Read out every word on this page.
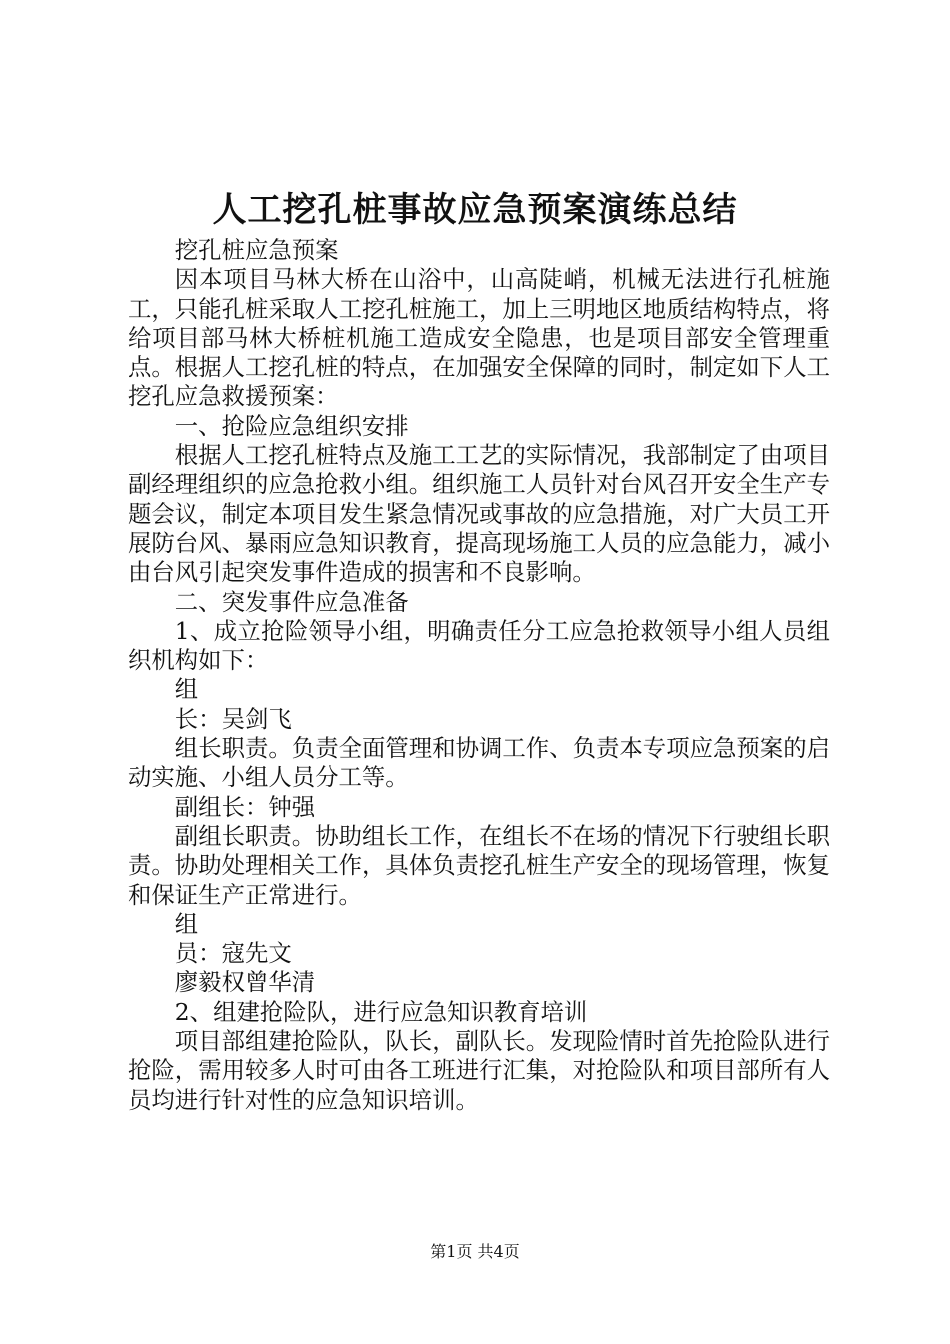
人工挖孔桩事故应急预案演练总结

挖孔桩应急预案

因本项目马林大桥在山浴中，山高陡峭，机械无法进行孔桩施工，只能孔桩采取人工挖孔桩施工，加上三明地区地质结构特点，将给项目部马林大桥桩机施工造成安全隐患，也是项目部安全管理重点。根据人工挖孔桩的特点，在加强安全保障的同时，制定如下人工挖孔应急救援预案：

一、抢险应急组织安排

根据人工挖孔桩特点及施工工艺的实际情况，我部制定了由项目副经理组织的应急抢救小组。组织施工人员针对台风召开安全生产专题会议，制定本项目发生紧急情况或事故的应急措施，对广大员工开展防台风、暴雨应急知识教育，提高现场施工人员的应急能力，减小由台风引起突发事件造成的损害和不良影响。

二、突发事件应急准备

1、成立抢险领导小组，明确责任分工应急抢救领导小组人员组织机构如下：

组

长：吴剑飞

组长职责。负责全面管理和协调工作、负责本专项应急预案的启动实施、小组人员分工等。

副组长：钟强

副组长职责。协助组长工作，在组长不在场的情况下行驶组长职责。协助处理相关工作，具体负责挖孔桩生产安全的现场管理，恢复和保证生产正常进行。

组

员：寇先文

廖毅权曾华清

2、组建抢险队，进行应急知识教育培训

项目部组建抢险队，队长，副队长。发现险情时首先抢险队进行抢险，需用较多人时可由各工班进行汇集，对抢险队和项目部所有人员均进行针对性的应急知识培训。

第1页 共4页
